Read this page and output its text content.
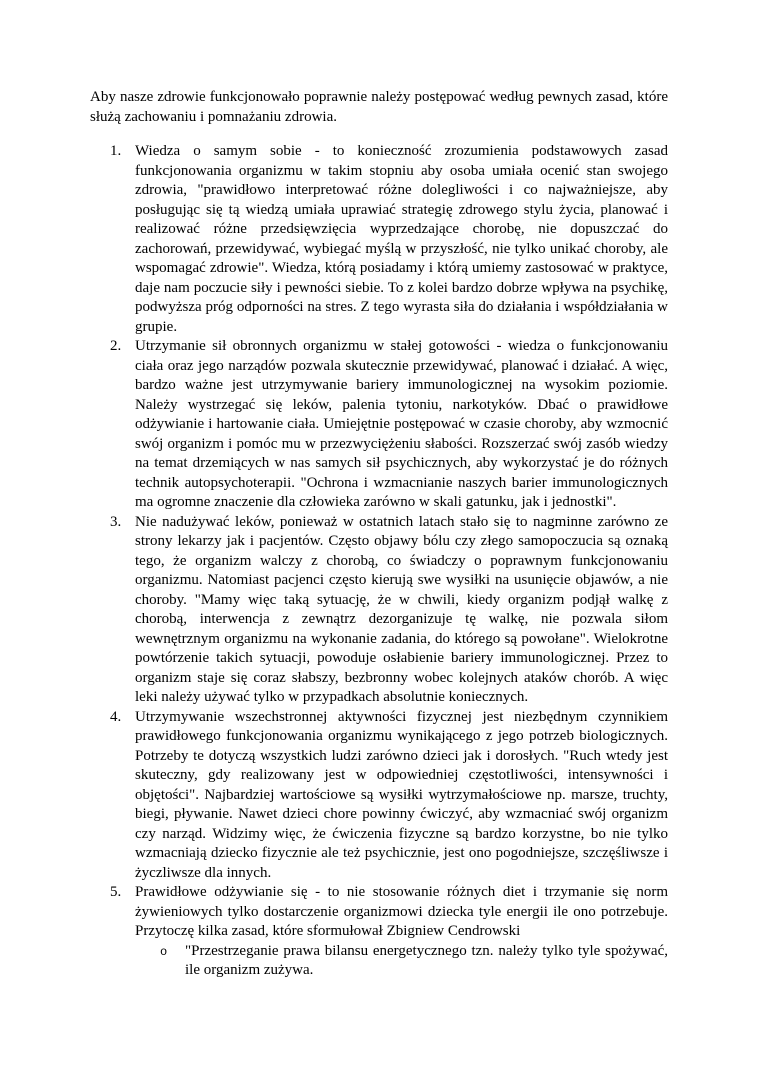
Aby nasze zdrowie funkcjonowało poprawnie należy postępować według pewnych zasad, które służą zachowaniu i pomnażaniu zdrowia.

1. Wiedza o samym sobie - to konieczność zrozumienia podstawowych zasad funkcjonowania organizmu w takim stopniu aby osoba umiała ocenić stan swojego zdrowia, "prawidłowo interpretować różne dolegliwości i co najważniejsze, aby posługując się tą wiedzą umiała uprawiać strategię zdrowego stylu życia, planować i realizować różne przedsięwzięcia wyprzedzające chorobę, nie dopuszczać do zachorowań, przewidywać, wybiegać myślą w przyszłość, nie tylko unikać choroby, ale wspomagać zdrowie". Wiedza, którą posiadamy i którą umiemy zastosować w praktyce, daje nam poczucie siły i pewności siebie. To z kolei bardzo dobrze wpływa na psychikę, podwyższa próg odporności na stres. Z tego wyrasta siła do działania i współdziałania w grupie.
2. Utrzymanie sił obronnych organizmu w stałej gotowości - wiedza o funkcjonowaniu ciała oraz jego narządów pozwala skutecznie przewidywać, planować i działać. A więc, bardzo ważne jest utrzymywanie bariery immunologicznej na wysokim poziomie. Należy wystrzegać się leków, palenia tytoniu, narkotyków. Dbać o prawidłowe odżywianie i hartowanie ciała. Umiejętnie postępować w czasie choroby, aby wzmocnić swój organizm i pomóc mu w przezwyciężeniu słabości. Rozszerzać swój zasób wiedzy na temat drzemiących w nas samych sił psychicznych, aby wykorzystać je do różnych technik autopsychoterapii. "Ochrona i wzmacnianie naszych barier immunologicznych ma ogromne znaczenie dla człowieka zarówno w skali gatunku, jak i jednostki".
3. Nie nadużywać leków, ponieważ w ostatnich latach stało się to nagminne zarówno ze strony lekarzy jak i pacjentów. Często objawy bólu czy złego samopoczucia są oznaką tego, że organizm walczy z chorobą, co świadczy o poprawnym funkcjonowaniu organizmu. Natomiast pacjenci często kierują swe wysiłki na usunięcie objawów, a nie choroby. "Mamy więc taką sytuację, że w chwili, kiedy organizm podjął walkę z chorobą, interwencja z zewnątrz dezorganizuje tę walkę, nie pozwala siłom wewnętrznym organizmu na wykonanie zadania, do którego są powołane". Wielokrotne powtórzenie takich sytuacji, powoduje osłabienie bariery immunologicznej. Przez to organizm staje się coraz słabszy, bezbronny wobec kolejnych ataków chorób. A więc leki należy używać tylko w przypadkach absolutnie koniecznych.
4. Utrzymywanie wszechstronnej aktywności fizycznej jest niezbędnym czynnikiem prawidłowego funkcjonowania organizmu wynikającego z jego potrzeb biologicznych. Potrzeby te dotyczą wszystkich ludzi zarówno dzieci jak i dorosłych. "Ruch wtedy jest skuteczny, gdy realizowany jest w odpowiedniej częstotliwości, intensywności i objętości". Najbardziej wartościowe są wysiłki wytrzymałościowe np. marsze, truchty, biegi, pływanie. Nawet dzieci chore powinny ćwiczyć, aby wzmacniać swój organizm czy narząd. Widzimy więc, że ćwiczenia fizyczne są bardzo korzystne, bo nie tylko wzmacniają dziecko fizycznie ale też psychicznie, jest ono pogodniejsze, szczęśliwsze i życzliwsze dla innych.
5. Prawidłowe odżywianie się - to nie stosowanie różnych diet i trzymanie się norm żywieniowych tylko dostarczenie organizmowi dziecka tyle energii ile ono potrzebuje. Przytoczę kilka zasad, które sformułował Zbigniew Cendrowski
o "Przestrzeganie prawa bilansu energetycznego tzn. należy tylko tyle spożywać, ile organizm zużywa.
